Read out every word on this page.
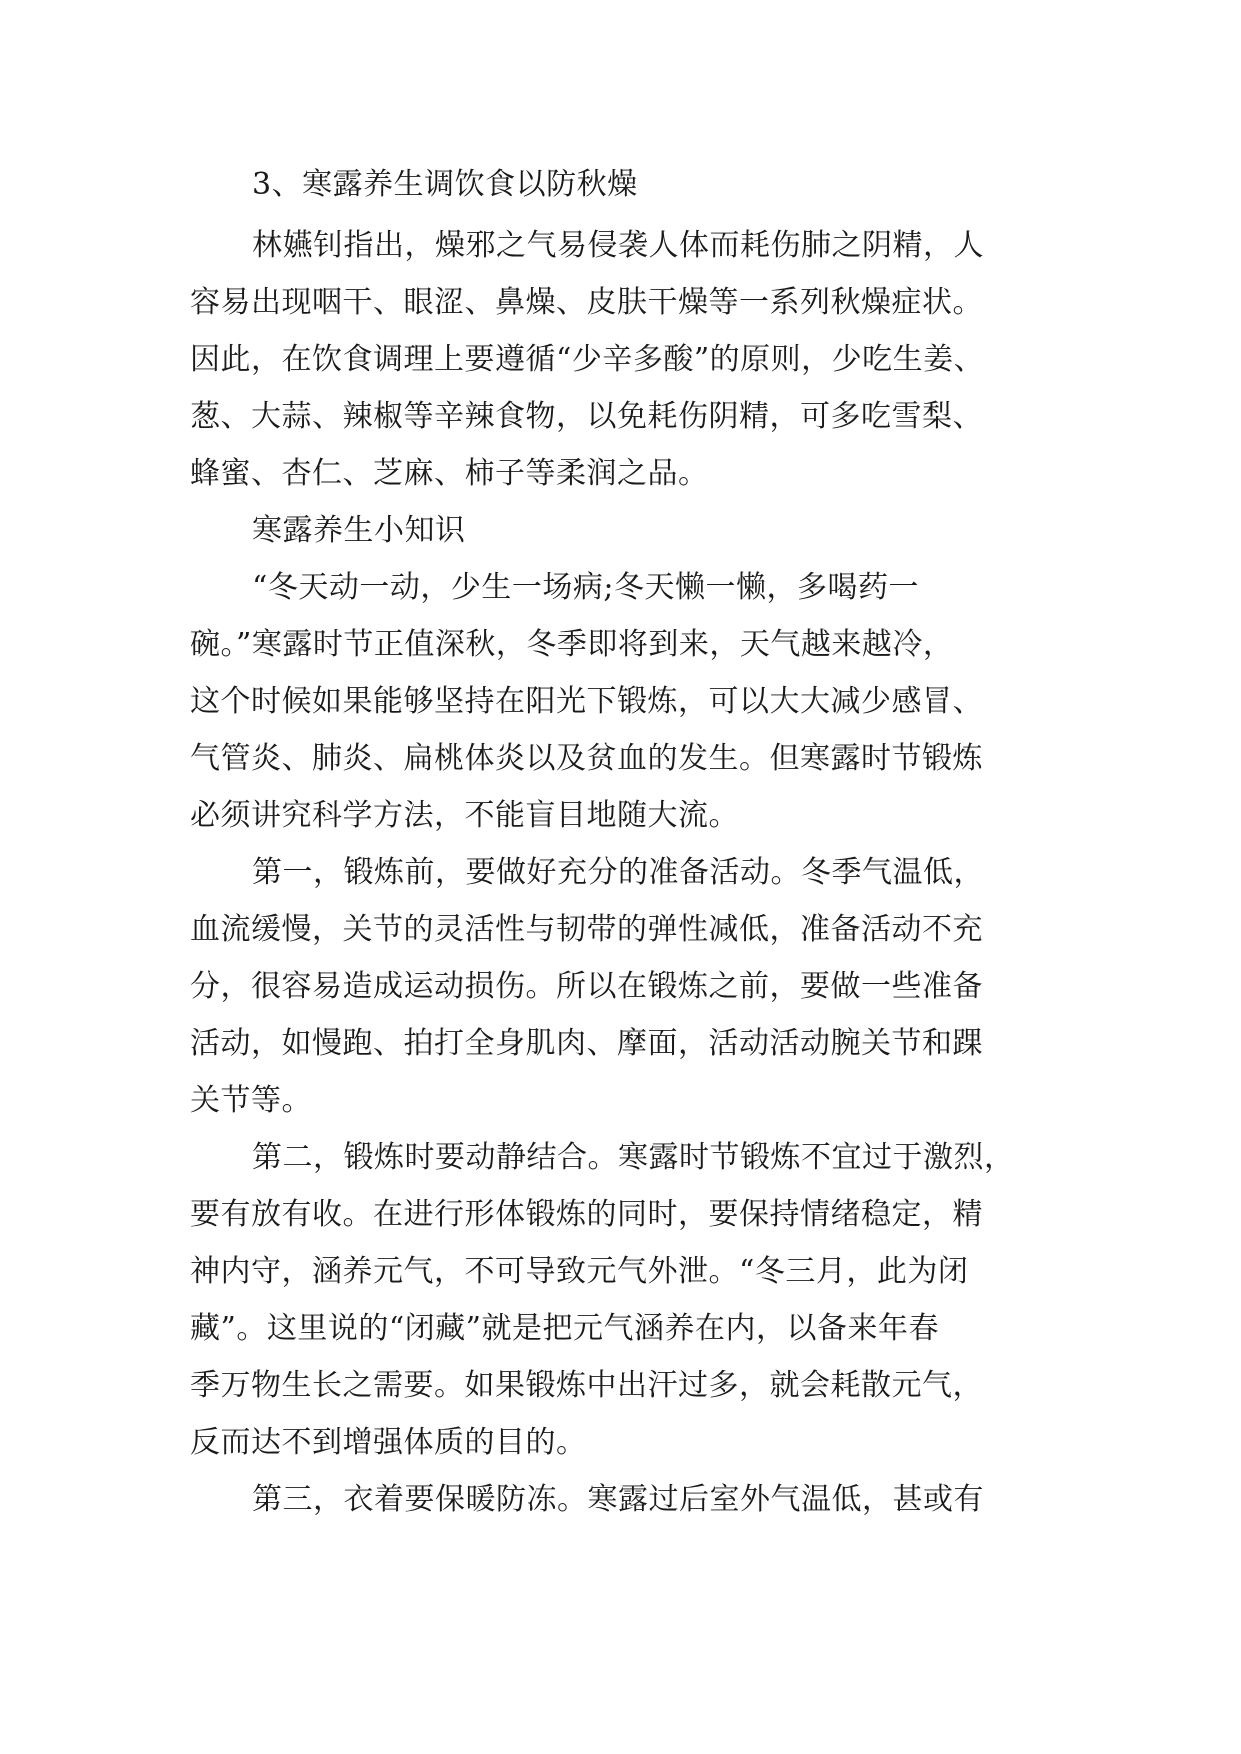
3、寒露养生调饮食以防秋燥
林嬿钊指出，燥邪之气易侵袭人体而耗伤肺之阴精，人
容易出现咽干、眼涩、鼻燥、皮肤干燥等一系列秋燥症状。
因此，在饮食调理上要遵循“少辛多酸”的原则，少吃生姜、
葱、大蒜、辣椒等辛辣食物，以免耗伤阴精，可多吃雪梨、
蜂蜜、杏仁、芝麻、柿子等柔润之品。
寒露养生小知识
“冬天动一动，少生一场病;冬天懒一懒，多喝药一
碗。”寒露时节正值深秋，冬季即将到来，天气越来越冷，
这个时候如果能够坚持在阳光下锻炼，可以大大减少感冒、
气管炎、肺炎、扁桃体炎以及贫血的发生。但寒露时节锻炼
必须讲究科学方法，不能盲目地随大流。
第一，锻炼前，要做好充分的准备活动。冬季气温低，
血流缓慢，关节的灵活性与韧带的弹性减低，准备活动不充
分，很容易造成运动损伤。所以在锻炼之前，要做一些准备
活动，如慢跑、拍打全身肌肉、摩面，活动活动腕关节和踝
关节等。
第二，锻炼时要动静结合。寒露时节锻炼不宜过于激烈，
要有放有收。在进行形体锻炼的同时，要保持情绪稳定，精
神内守，涵养元气，不可导致元气外泄。“冬三月，此为闭
藏”。这里说的“闭藏”就是把元气涵养在内，以备来年春
季万物生长之需要。如果锻炼中出汗过多，就会耗散元气，
反而达不到增强体质的目的。
第三，衣着要保暖防冻。寒露过后室外气温低，甚或有
